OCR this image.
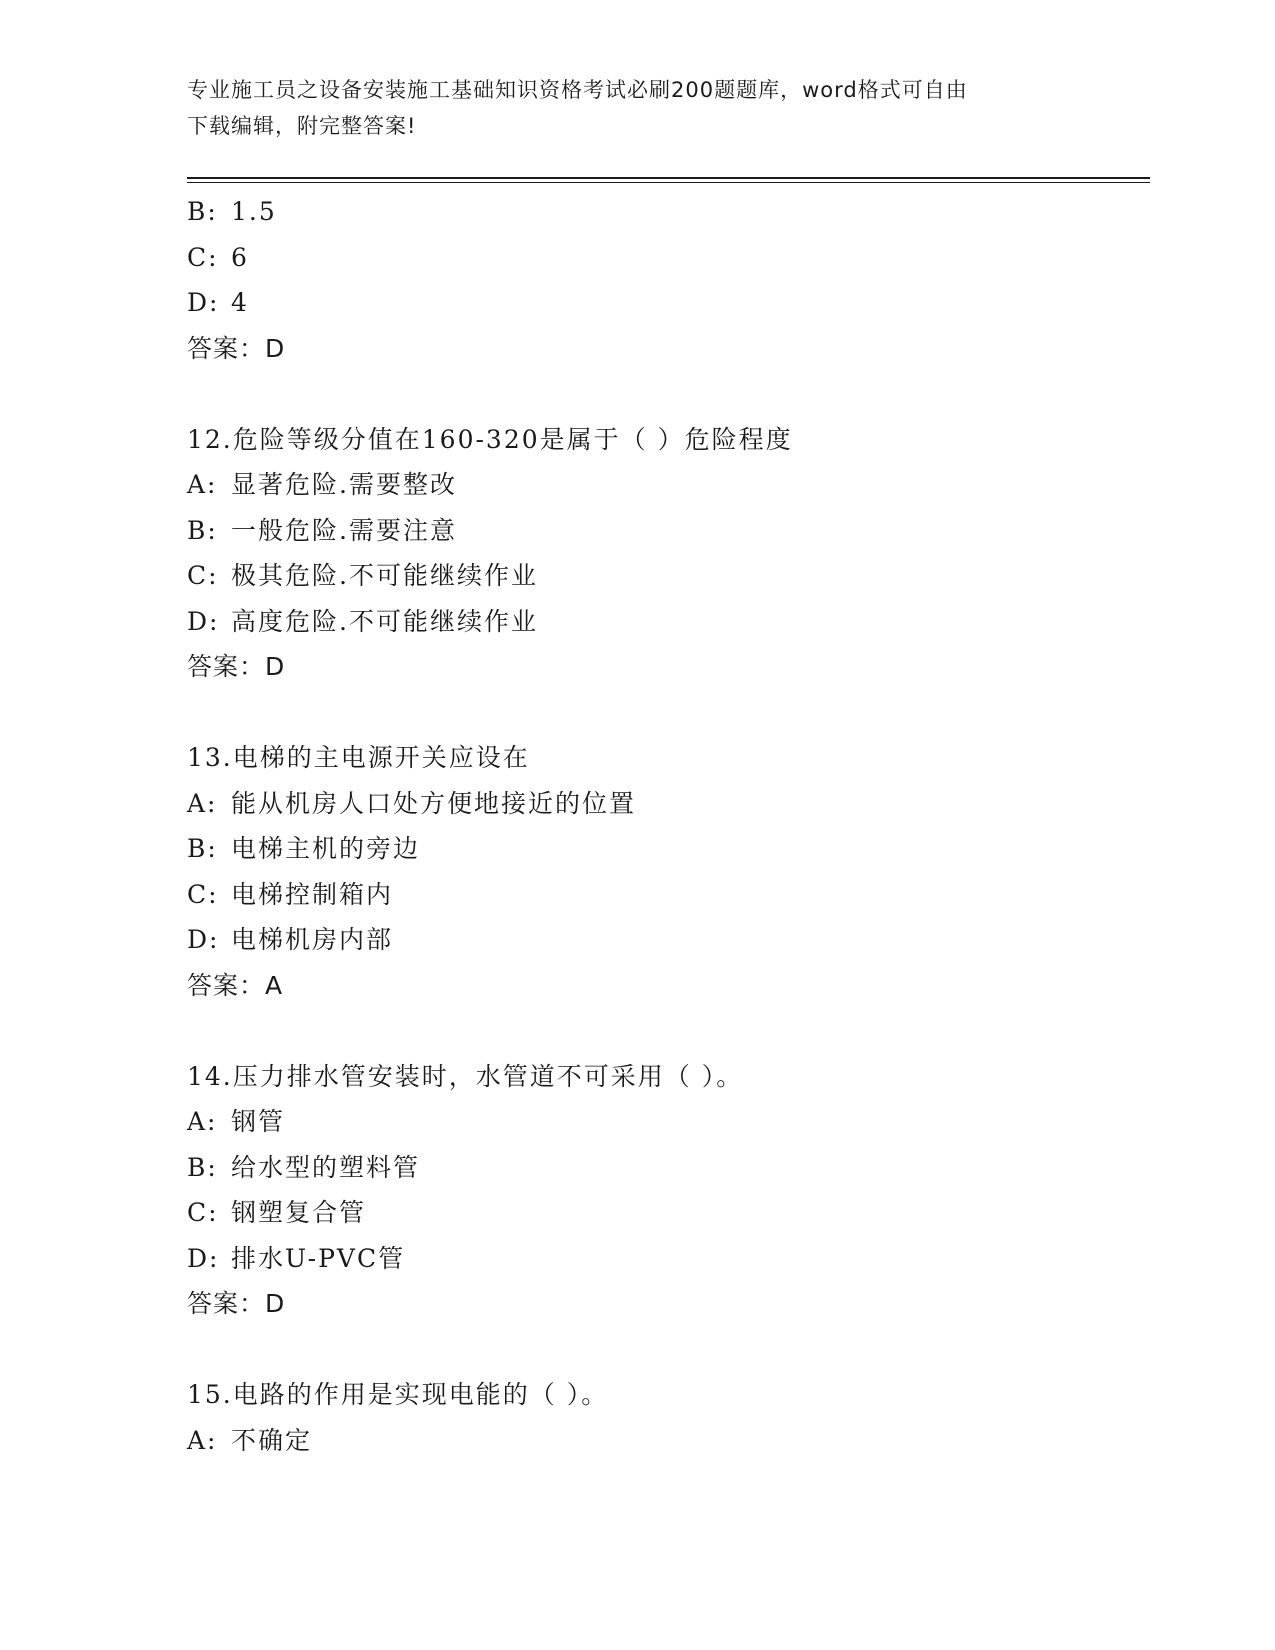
专业施工员之设备安装施工基础知识资格考试必刷200题题库，word格式可自由
下载编辑，附完整答案!
B: 1.5
C: 6
D: 4
答案：D
12.危险等级分值在160-320是属于（ ）危险程度
A: 显著危险.需要整改
B: 一般危险.需要注意
C: 极其危险.不可能继续作业
D: 高度危险.不可能继续作业
答案：D
13.电梯的主电源开关应设在
A: 能从机房人口处方便地接近的位置
B: 电梯主机的旁边
C: 电梯控制箱内
D: 电梯机房内部
答案：A
14.压力排水管安装时，水管道不可采用（ ）。
A: 钢管
B: 给水型的塑料管
C: 钢塑复合管
D: 排水U-PVC管
答案：D
15.电路的作用是实现电能的（ ）。
A: 不确定
